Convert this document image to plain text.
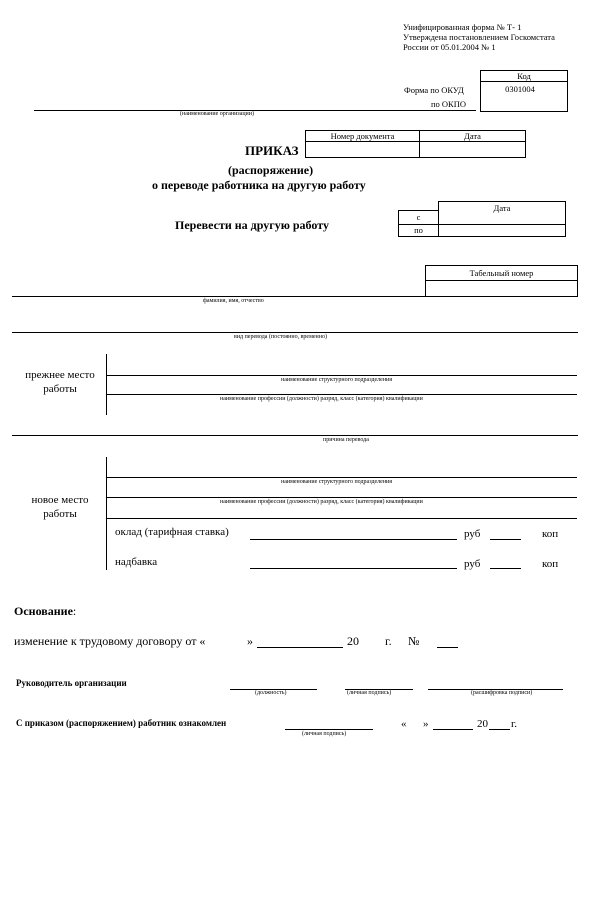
Унифицированная форма № Т- 1
Утверждена постановлением Госкомстата
России от 05.01.2004 № 1
Код
Форма по ОКУД	0301004
по ОКПО
(наименование организации)
ПРИКАЗ
(распоряжение)
о переводе работника на другую работу
Номер документа	Дата
Перевести на другую работу
Дата
с
по
Табельный номер
фамилия, имя, отчество
вид перевода (постоянно, временно)
прежнее место
работы
наименование структурного подразделения
наименование профессии (должности) разряд, класс (категория) квалификации
причина перевода
новое место
работы
наименование структурного подразделения
наименование профессии (должности) разряд, класс (категория) квалификации
оклад (тарифная ставка)	руб	коп
надбавка	руб	коп
Основание:
изменение к трудовому договору от «	»	20 г. №
Руководитель организации
(должность)	(личная подпись)	(расшифровка подписи)
С приказом (распоряжением) работник ознакомлен
(личная подпись)
« »	20 г.
